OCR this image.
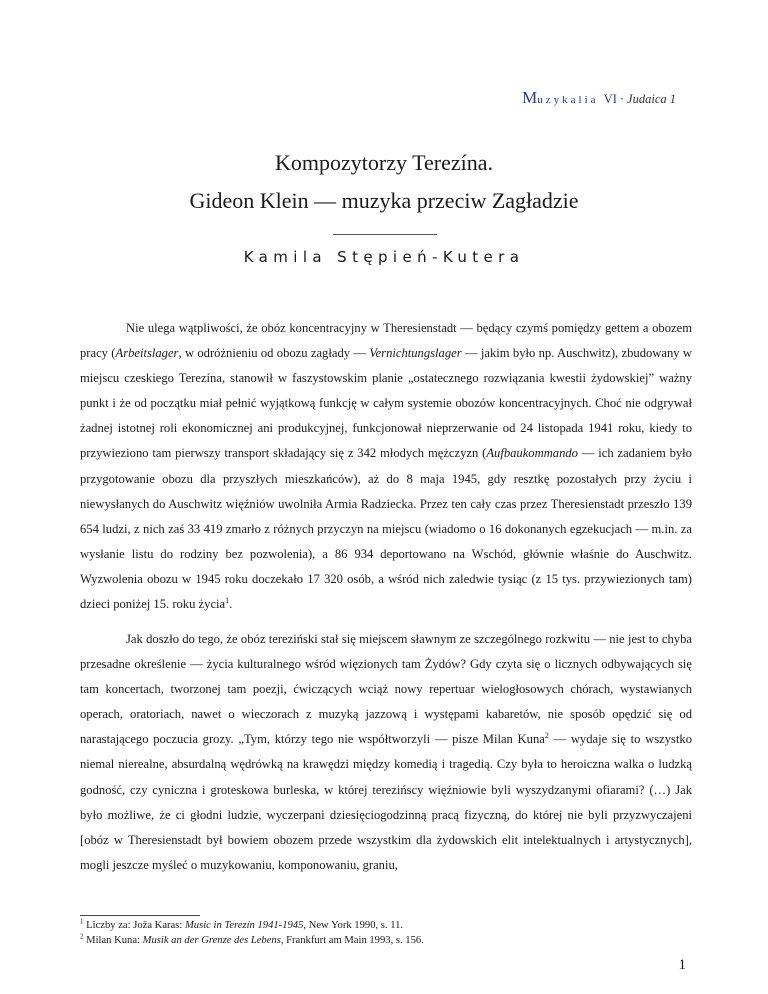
Muzykalia VI · Judaica 1
Kompozytorzy Terezína.
Gideon Klein — muzyka przeciw Zagładzie
Kamila Stępień-Kutera

Nie ulega wątpliwości, że obóz koncentracyjny w Theresienstadt — będący czymś pomiędzy gettem a obozem pracy (Arbeitslager, w odróżnieniu od obozu zagłady — Vernichtungslager — jakim było np. Auschwitz), zbudowany w miejscu czeskiego Terezína, stanowił w faszystowskim planie „ostatecznego rozwiązania kwestii żydowskiej” ważny punkt i że od początku miał pełnić wyjątkową funkcję w całym systemie obozów koncentracyjnych. Choć nie odgrywał żadnej istotnej roli ekonomicznej ani produkcyjnej, funkcjonował nieprzerwanie od 24 listopada 1941 roku, kiedy to przywieziono tam pierwszy transport składający się z 342 młodych mężczyzn (Aufbaukommando — ich zadaniem było przygotowanie obozu dla przyszłych mieszkańców), aż do 8 maja 1945, gdy resztkę pozostałych przy życiu i niewysłanych do Auschwitz więźniów uwolniła Armia Radziecka. Przez ten cały czas przez Theresienstadt przeszło 139 654 ludzi, z nich zaś 33 419 zmarło z różnych przyczyn na miejscu (wiadomo o 16 dokonanych egzekucjach — m.in. za wysłanie listu do rodziny bez pozwolenia), a 86 934 deportowano na Wschód, głównie właśnie do Auschwitz. Wyzwolenia obozu w 1945 roku doczekało 17 320 osób, a wśród nich zaledwie tysiąc (z 15 tys. przywiezionych tam) dzieci poniżej 15. roku życia$^1$.

Jak doszło do tego, że obóz tereziński stał się miejscem sławnym ze szczególnego rozkwitu — nie jest to chyba przesadne określenie — życia kulturalnego wśród więzionych tam Żydów? Gdy czyta się o licznych odbywających się tam koncertach, tworzonej tam poezji, ćwiczących wciąż nowy repertuar wielogłosowych chórach, wystawianych operach, oratoriach, nawet o wieczorach z muzyką jazzową i występami kabaretów, nie sposób opędzić się od narastającego poczucia grozy. „Tym, którzy tego nie współtworzyli — pisze Milan Kuna$^2$ — wydaje się to wszystko niemal nierealne, absurdalną wędrówką na krawędzi między komedią i tragedią. Czy była to heroiczna walka o ludzką godność, czy cyniczna i groteskowa burleska, w której terezińscy więźniowie byli wyszydzanymi ofiarami? (…) Jak było możliwe, że ci głodni ludzie, wyczerpani dziesięciogodzinną pracą fizyczną, do której nie byli przyzwyczajeni [obóz w Theresienstadt był bowiem obozem przede wszystkim dla żydowskich elit intelektualnych i artystycznych], mogli jeszcze myśleć o muzykowaniu, komponowaniu, graniu,

$^1$ Liczby za: Joža Karas: Music in Terezín 1941-1945, New York 1990, s. 11.

$^2$ Milan Kuna: Musik an der Grenze des Lebens, Frankfurt am Main 1993, s. 156.

1
